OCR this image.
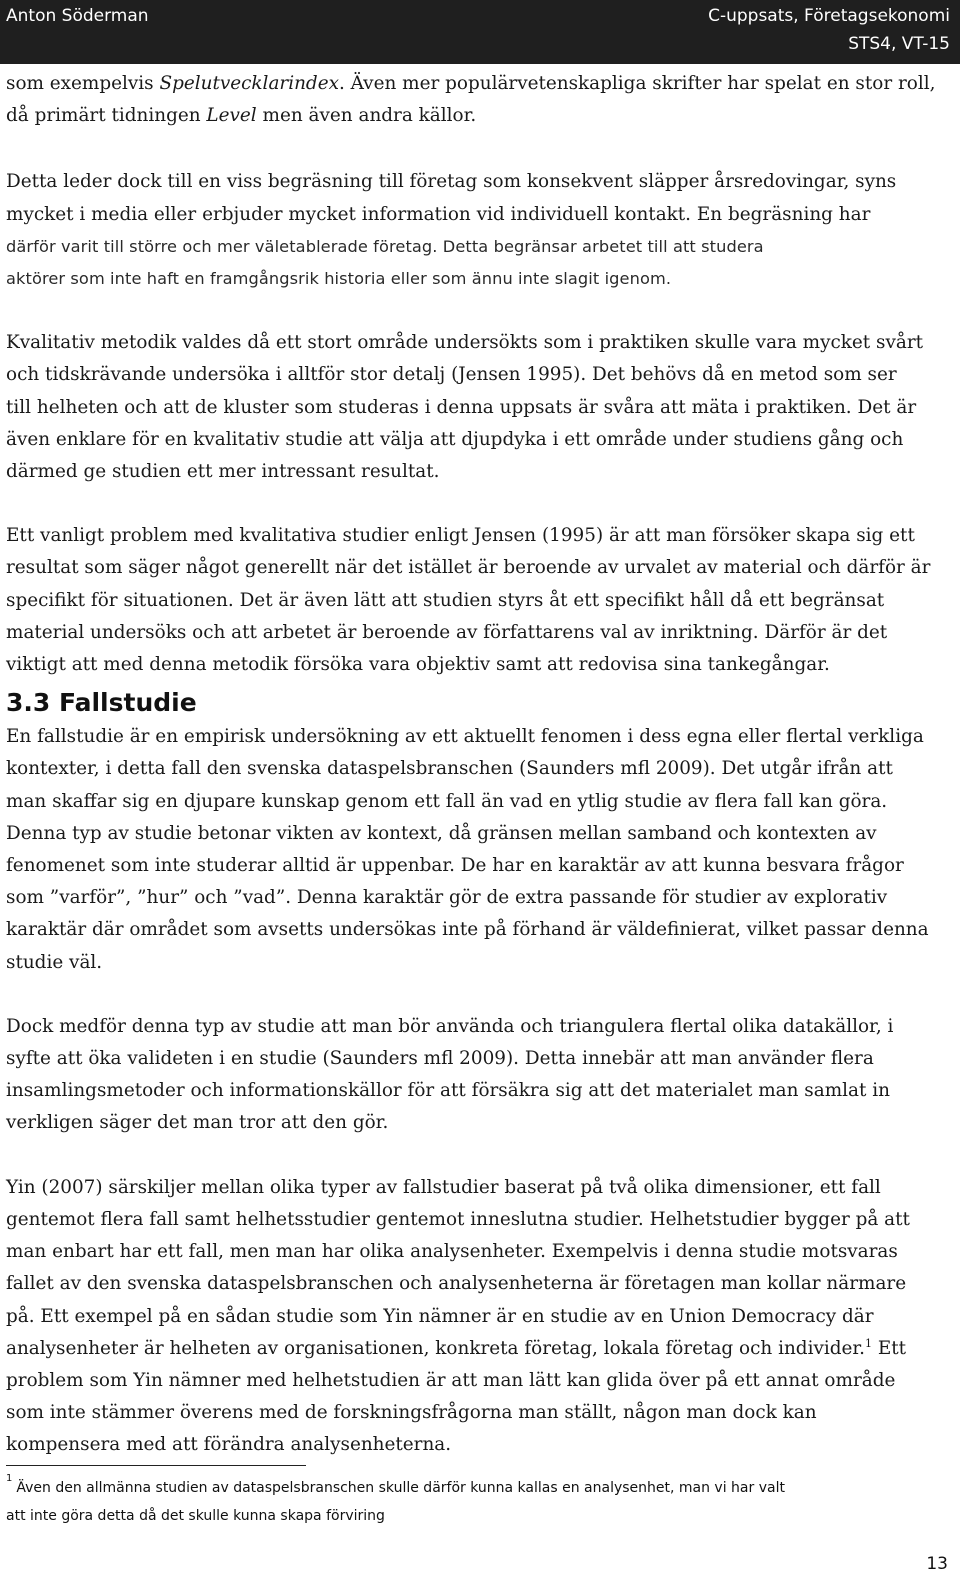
Anton Söderman	C-uppsats, Företagsekonomi
STS4, VT-15
som exempelvis Spelutvecklarindex. Även mer populärvetenskapliga skrifter har spelat en stor roll,
då primärt tidningen Level men även andra källor.
Detta leder dock till en viss begräsning till företag som konsekvent släpper årsredovingar, syns
mycket i media eller erbjuder mycket information vid individuell kontakt. En begräsning har
därför varit till större och mer väletablerade företag. Detta begränsar arbetet till att studera
aktörer som inte haft en framgångsrik historia eller som ännu inte slagit igenom.
Kvalitativ metodik valdes då ett stort område undersökts som i praktiken skulle vara mycket svårt
och tidskrävande undersöka i alltför stor detalj (Jensen 1995). Det behövs då en metod som ser
till helheten och att de kluster som studeras i denna uppsats är svåra att mäta i praktiken. Det är
även enklare för en kvalitativ studie att välja att djupdyka i ett område under studiens gång och
därmed ge studien ett mer intressant resultat.
Ett vanligt problem med kvalitativa studier enligt Jensen (1995) är att man försöker skapa sig ett
resultat som säger något generellt när det istället är beroende av urvalet av material och därför är
specifikt för situationen. Det är även lätt att studien styrs åt ett specifikt håll då ett begränsat
material undersöks och att arbetet är beroende av författarens val av inriktning. Därför är det
viktigt att med denna metodik försöka vara objektiv samt att redovisa sina tankegångar.
3.3 Fallstudie
En fallstudie är en empirisk undersökning av ett aktuellt fenomen i dess egna eller flertal verkliga
kontexter, i detta fall den svenska dataspelsbranschen (Saunders mfl 2009). Det utgår ifrån att
man skaffar sig en djupare kunskap genom ett fall än vad en ytlig studie av flera fall kan göra.
Denna typ av studie betonar vikten av kontext, då gränsen mellan samband och kontexten av
fenomenet som inte studerar alltid är uppenbar. De har en karaktär av att kunna besvara frågor
som ”varför”, ”hur” och ”vad”. Denna karaktär gör de extra passande för studier av explorativ
karaktär där området som avsetts undersökas inte på förhand är väldefinierat, vilket passar denna
studie väl.
Dock medför denna typ av studie att man bör använda och triangulera flertal olika datakällor, i
syfte att öka valideten i en studie (Saunders mfl 2009). Detta innebär att man använder flera
insamlingsmetoder och informationskällor för att försäkra sig att det materialet man samlat in
verkligen säger det man tror att den gör.
Yin (2007) särskiljer mellan olika typer av fallstudier baserat på två olika dimensioner, ett fall
gentemot flera fall samt helhetsstudier gentemot inneslutna studier. Helhetstudier bygger på att
man enbart har ett fall, men man har olika analysenheter. Exempelvis i denna studie motsvaras
fallet av den svenska dataspelsbranschen och analysenheterna är företagen man kollar närmare
på. Ett exempel på en sådan studie som Yin nämner är en studie av en Union Democracy där
analysenheter är helheten av organisationen, konkreta företag, lokala företag och individer.$^1$ Ett
problem som Yin nämner med helhetstudien är att man lätt kan glida över på ett annat område
som inte stämmer överens med de forskningsfrågorna man ställt, någon man dock kan
kompensera med att förändra analysenheterna.
$^1$Även den allmänna studien av dataspelsbranschen skulle därför kunna kallas en analysenhet, man vi har valt
att inte göra detta då det skulle kunna skapa förviring
13
